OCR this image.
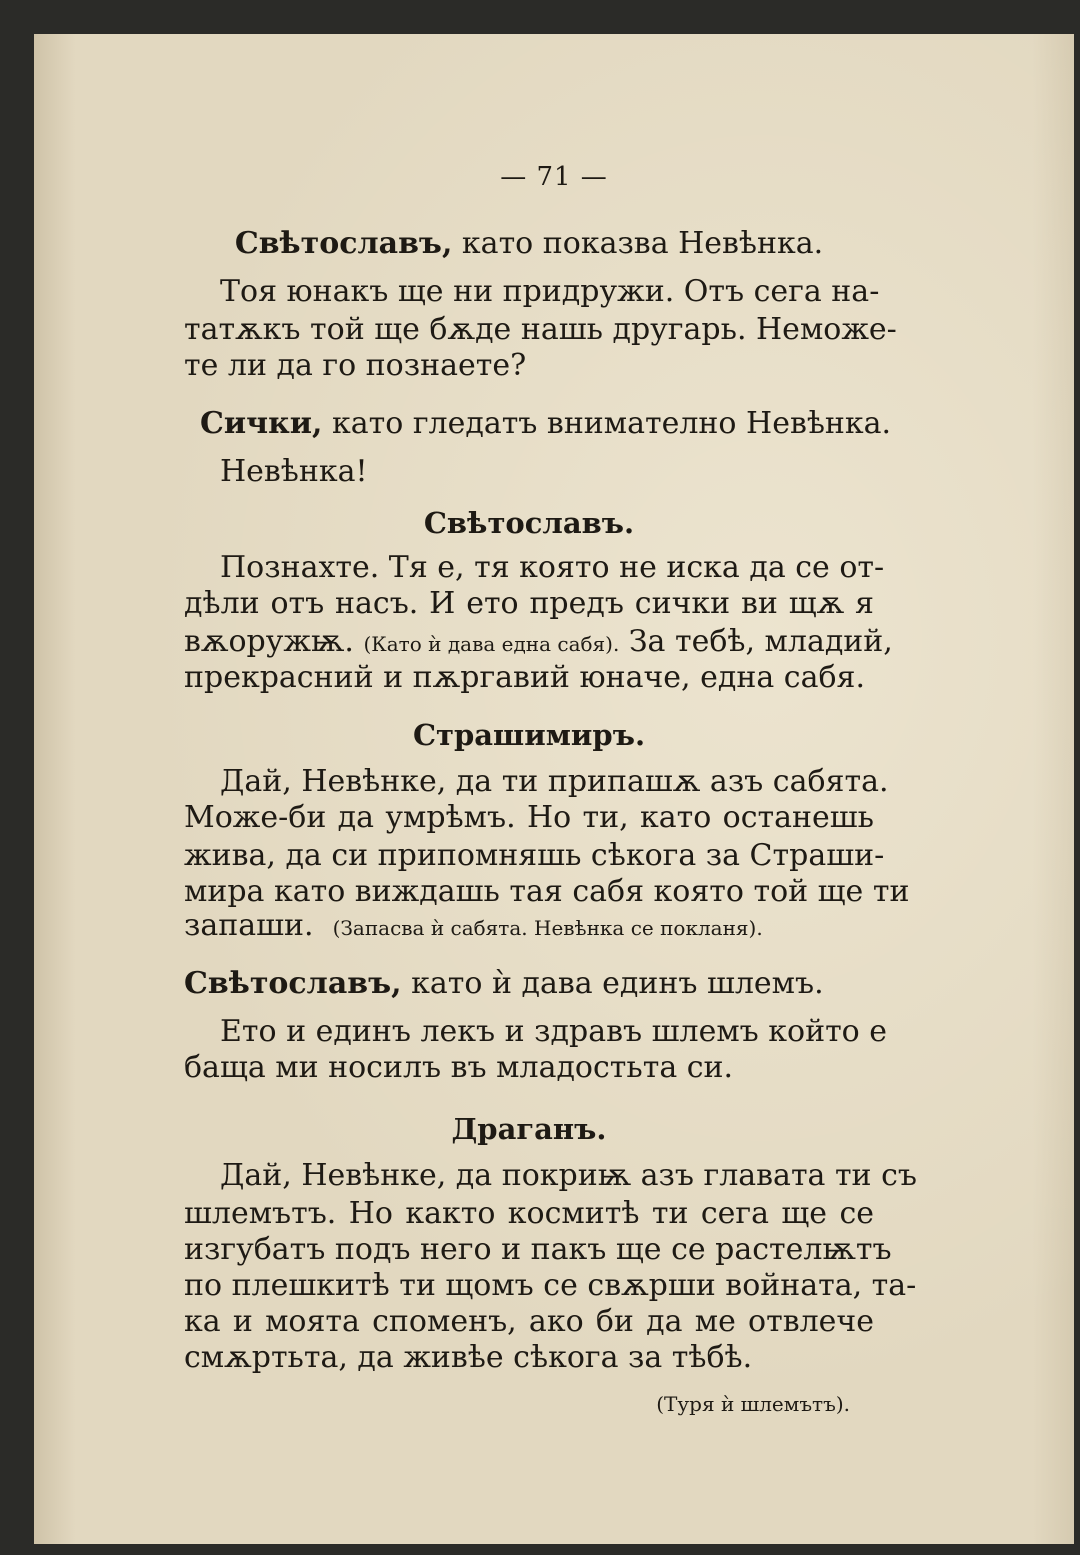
— 71 —
Свѣтославъ, като показва Невѣнка.
Тоя юнакъ ще ни придружи. Отъ сега на-
татѫкъ той ще бѫде нашь другарь. Неможе-
те ли да го познаете?
Сички, като гледатъ внимателно Невѣнка.
Невѣнка!
Свѣтославъ.
Познахте. Тя е, тя която не иска да се от-
дѣли отъ насъ. И ето предъ сички ви щѫ я
вѫоружѭ. (Като ѝ дава една сабя). За тебѣ, младий,
прекрасний и пѫргавий юначе, една сабя.
Страшимиръ.
Дай, Невѣнке, да ти припашѫ азъ сабята.
Може-би да умрѣмъ. Но ти, като останешь
жива, да си припомняшь сѣкога за Страши-
мира като виждашь тая сабя която той ще ти
запаши. (Запасва ѝ сабята. Невѣнка се покланя).
Свѣтославъ, като ѝ дава единъ шлемъ.
Ето и единъ лекъ и здравъ шлемъ който е
баща ми носилъ въ младостьта си.
Драганъ.
Дай, Невѣнке, да покриѭ азъ главата ти съ
шлемътъ. Но както космитѣ ти сега ще се
изгубатъ подъ него и пакъ ще се растелѭтъ
по плешкитѣ ти щомъ се свѫрши войната, та-
ка и моята споменъ, ако би да ме отвлече
смѫртьта, да живѣе сѣкога за тѣбѣ.
(Туря ѝ шлемътъ).
